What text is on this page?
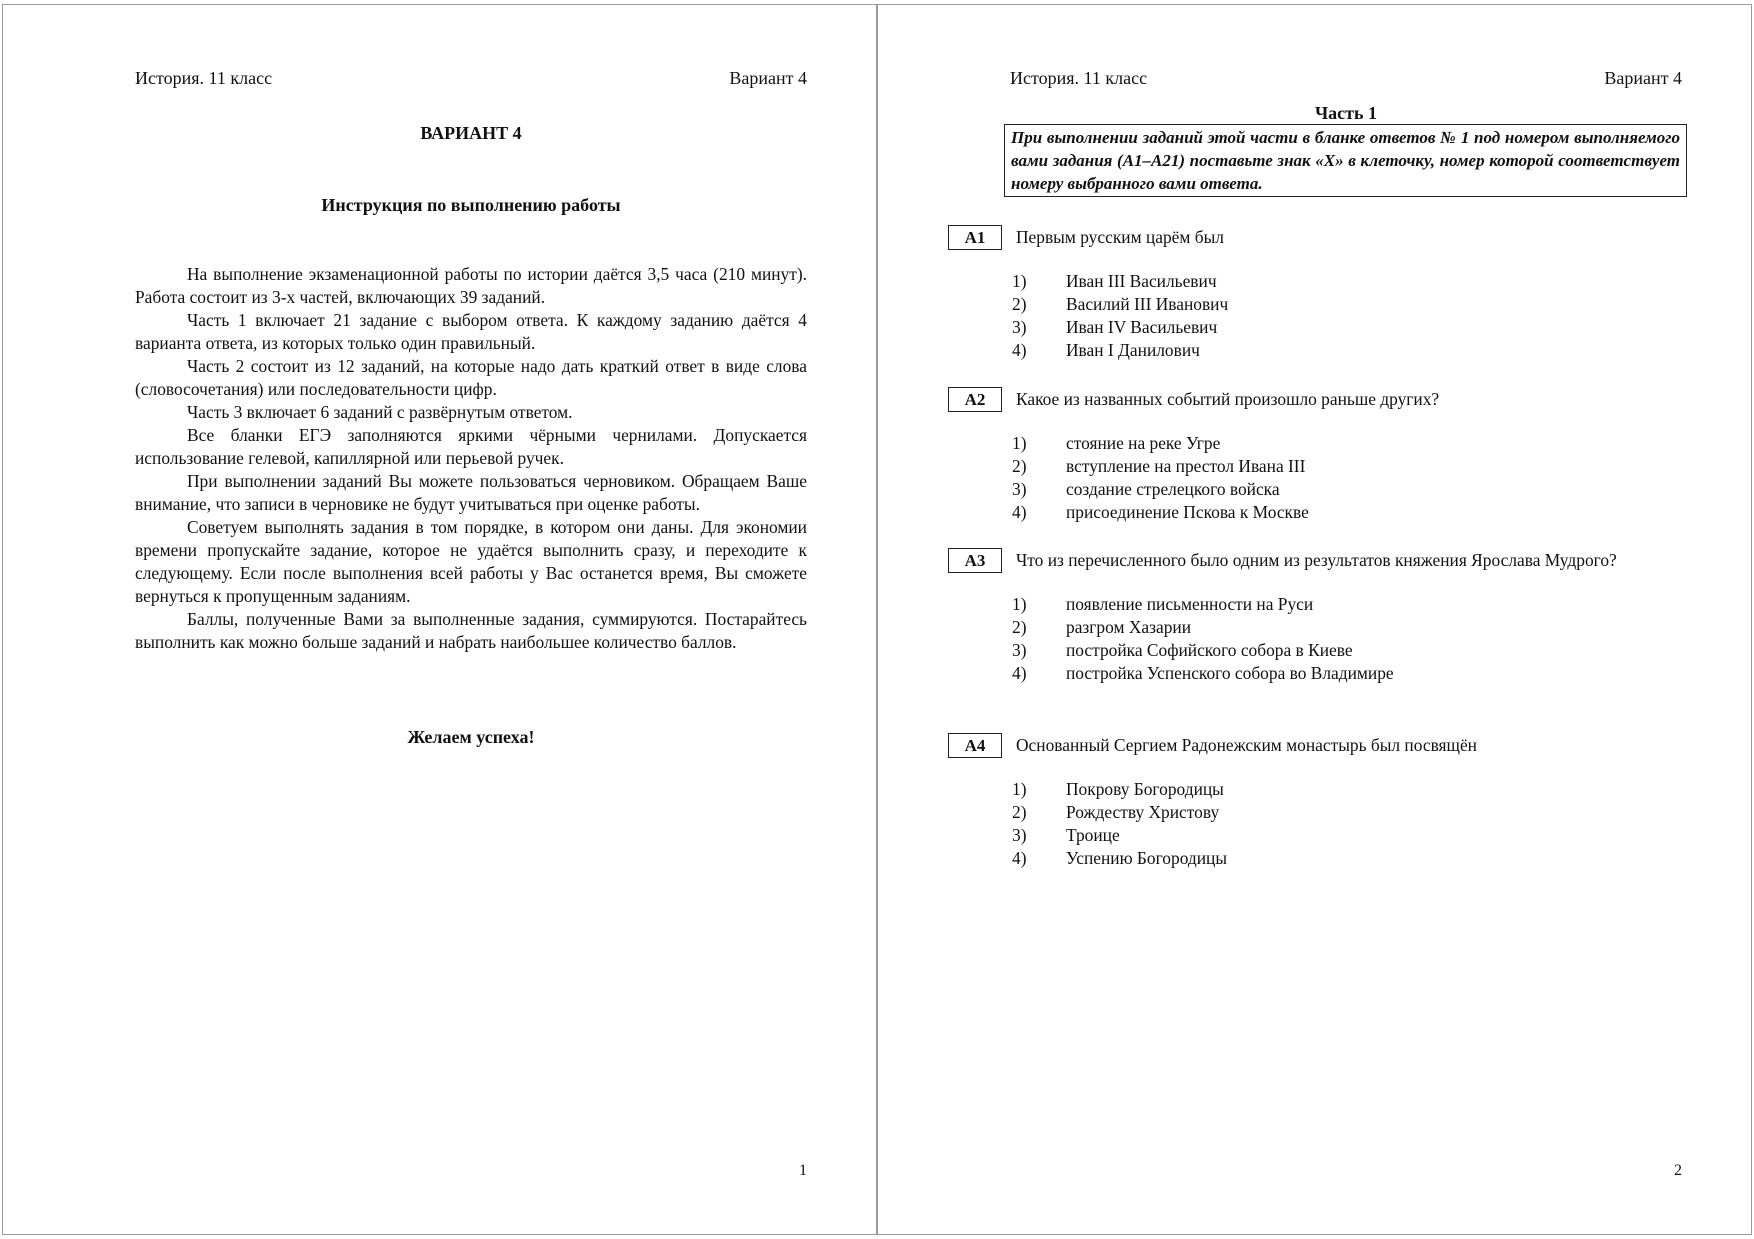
История. 11 класс	Вариант 4
ВАРИАНТ 4
Инструкция по выполнению работы

На выполнение экзаменационной работы по истории даётся 3,5 часа (210 минут). Работа состоит из 3-х частей, включающих 39 заданий.

Часть 1 включает 21 задание с выбором ответа. К каждому заданию даётся 4 варианта ответа, из которых только один правильный.

Часть 2 состоит из 12 заданий, на которые надо дать краткий ответ в виде слова (словосочетания) или последовательности цифр.

Часть 3 включает 6 заданий с развёрнутым ответом.

Все бланки ЕГЭ заполняются яркими чёрными чернилами. Допускается использование гелевой, капиллярной или перьевой ручек.

При выполнении заданий Вы можете пользоваться черновиком. Обращаем Ваше внимание, что записи в черновике не будут учитываться при оценке работы.

Советуем выполнять задания в том порядке, в котором они даны. Для экономии времени пропускайте задание, которое не удаётся выполнить сразу, и переходите к следующему. Если после выполнения всей работы у Вас останется время, Вы сможете вернуться к пропущенным заданиям.

Баллы, полученные Вами за выполненные задания, суммируются. Постарайтесь выполнить как можно больше заданий и набрать наибольшее количество баллов.

Желаем успеха!
1
История. 11 класс	Вариант 4
Часть 1
При выполнении заданий этой части в бланке ответов № 1 под номером выполняемого вами задания (А1–А21) поставьте знак «X» в клеточку, номер которой соответствует номеру выбранного вами ответа.
А1	Первым русским царём был
1) Иван III Васильевич
2) Василий III Иванович
3) Иван IV Васильевич
4) Иван I Данилович
А2	Какое из названных событий произошло раньше других?
1) стояние на реке Угре
2) вступление на престол Ивана III
3) создание стрелецкого войска
4) присоединение Пскова к Москве
А3	Что из перечисленного было одним из результатов княжения Ярослава Мудрого?
1) появление письменности на Руси
2) разгром Хазарии
3) постройка Софийского собора в Киеве
4) постройка Успенского собора во Владимире
А4	Основанный Сергием Радонежским монастырь был посвящён
1) Покрову Богородицы
2) Рождеству Христову
3) Троице
4) Успению Богородицы
2
